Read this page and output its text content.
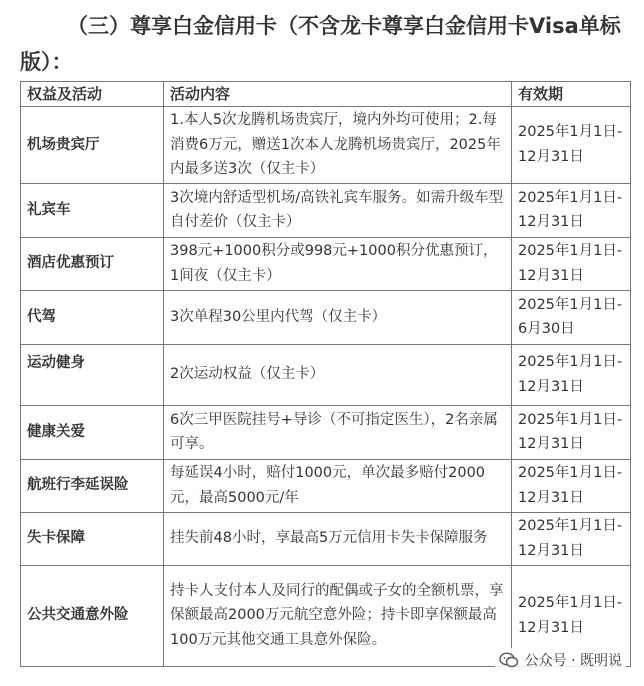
（三）尊享白金信用卡（不含龙卡尊享白金信用卡Visa单标版）：

权益及活动	活动内容	有效期
机场贵宾厅	1.本人5次龙腾机场贵宾厅，境内外均可使用；2.每消费6万元，赠送1次本人龙腾机场贵宾厅，2025年内最多送3次（仅主卡）	2025年1月1日-12月31日
礼宾车	3次境内舒适型机场/高铁礼宾车服务。如需升级车型自付差价（仅主卡）	2025年1月1日-12月31日
酒店优惠预订	398元+1000积分或998元+1000积分优惠预订，1间夜（仅主卡）	2025年1月1日-12月31日
代驾	3次单程30公里内代驾（仅主卡）	2025年1月1日-6月30日
运动健身	2次运动权益（仅主卡）	2025年1月1日-12月31日
健康关爱	6次三甲医院挂号+导诊（不可指定医生），2名亲属可享。	2025年1月1日-12月31日
航班行李延误险	每延误4小时，赔付1000元，单次最多赔付2000元，最高5000元/年	2025年1月1日-12月31日
失卡保障	挂失前48小时，享最高5万元信用卡失卡保障服务	2025年1月1日-12月31日
公共交通意外险	持卡人支付本人及同行的配偶或子女的全额机票，享保额最高2000万元航空意外险；持卡即享保额最高100万元其他交通工具意外保险。	2025年1月1日-12月31日
公众号 · 既明说
